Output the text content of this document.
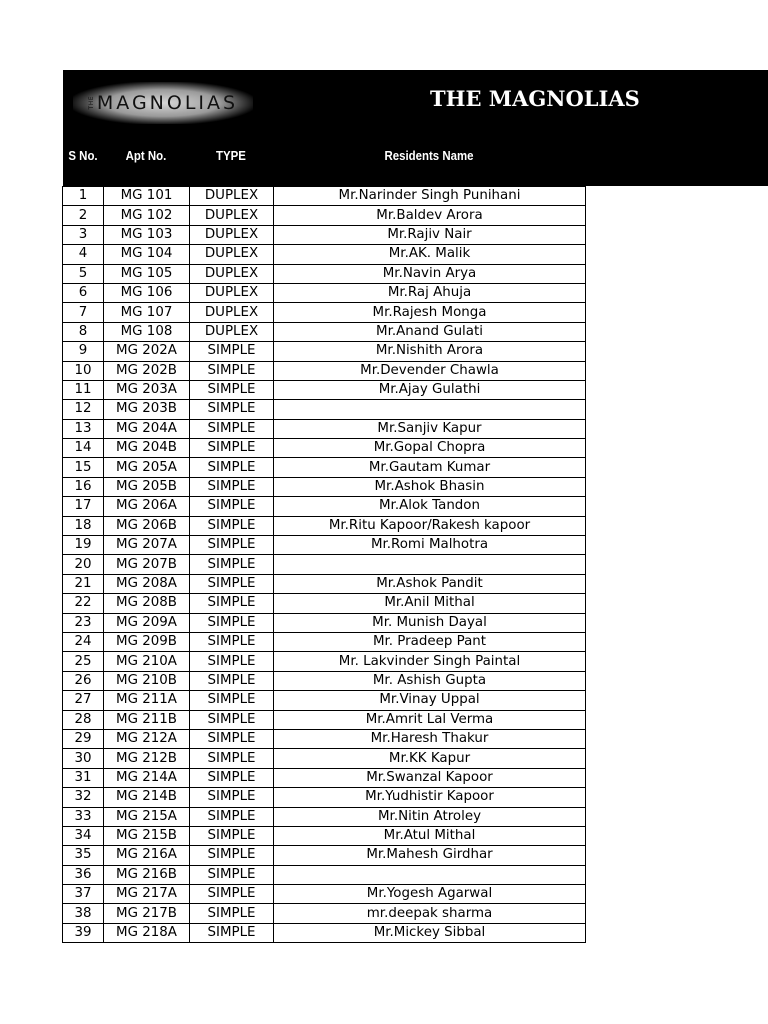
THE MAGNOLIAS	THE MAGNOLIAS
S No.	Apt No.	TYPE	Residents Name
1	MG 101	DUPLEX	Mr.Narinder Singh Punihani
2	MG 102	DUPLEX	Mr.Baldev Arora
3	MG 103	DUPLEX	Mr.Rajiv Nair
4	MG 104	DUPLEX	Mr.AK. Malik
5	MG 105	DUPLEX	Mr.Navin Arya
6	MG 106	DUPLEX	Mr.Raj Ahuja
7	MG 107	DUPLEX	Mr.Rajesh Monga
8	MG 108	DUPLEX	Mr.Anand Gulati
9	MG 202A	SIMPLE	Mr.Nishith Arora
10	MG 202B	SIMPLE	Mr.Devender Chawla
11	MG 203A	SIMPLE	Mr.Ajay Gulathi
12	MG 203B	SIMPLE	
13	MG 204A	SIMPLE	Mr.Sanjiv Kapur
14	MG 204B	SIMPLE	Mr.Gopal Chopra
15	MG 205A	SIMPLE	Mr.Gautam Kumar
16	MG 205B	SIMPLE	Mr.Ashok Bhasin
17	MG 206A	SIMPLE	Mr.Alok Tandon
18	MG 206B	SIMPLE	Mr.Ritu Kapoor/Rakesh kapoor
19	MG 207A	SIMPLE	Mr.Romi Malhotra
20	MG 207B	SIMPLE	
21	MG 208A	SIMPLE	Mr.Ashok Pandit
22	MG 208B	SIMPLE	Mr.Anil Mithal
23	MG 209A	SIMPLE	Mr. Munish Dayal
24	MG 209B	SIMPLE	Mr. Pradeep Pant
25	MG 210A	SIMPLE	Mr. Lakvinder Singh Paintal
26	MG 210B	SIMPLE	Mr. Ashish Gupta
27	MG 211A	SIMPLE	Mr.Vinay Uppal
28	MG 211B	SIMPLE	Mr.Amrit Lal Verma
29	MG 212A	SIMPLE	Mr.Haresh Thakur
30	MG 212B	SIMPLE	Mr.KK Kapur
31	MG 214A	SIMPLE	Mr.Swanzal Kapoor
32	MG 214B	SIMPLE	Mr.Yudhistir Kapoor
33	MG 215A	SIMPLE	Mr.Nitin Atroley
34	MG 215B	SIMPLE	Mr.Atul Mithal
35	MG 216A	SIMPLE	Mr.Mahesh Girdhar
36	MG 216B	SIMPLE	
37	MG 217A	SIMPLE	Mr.Yogesh Agarwal
38	MG 217B	SIMPLE	mr.deepak sharma
39	MG 218A	SIMPLE	Mr.Mickey Sibbal
